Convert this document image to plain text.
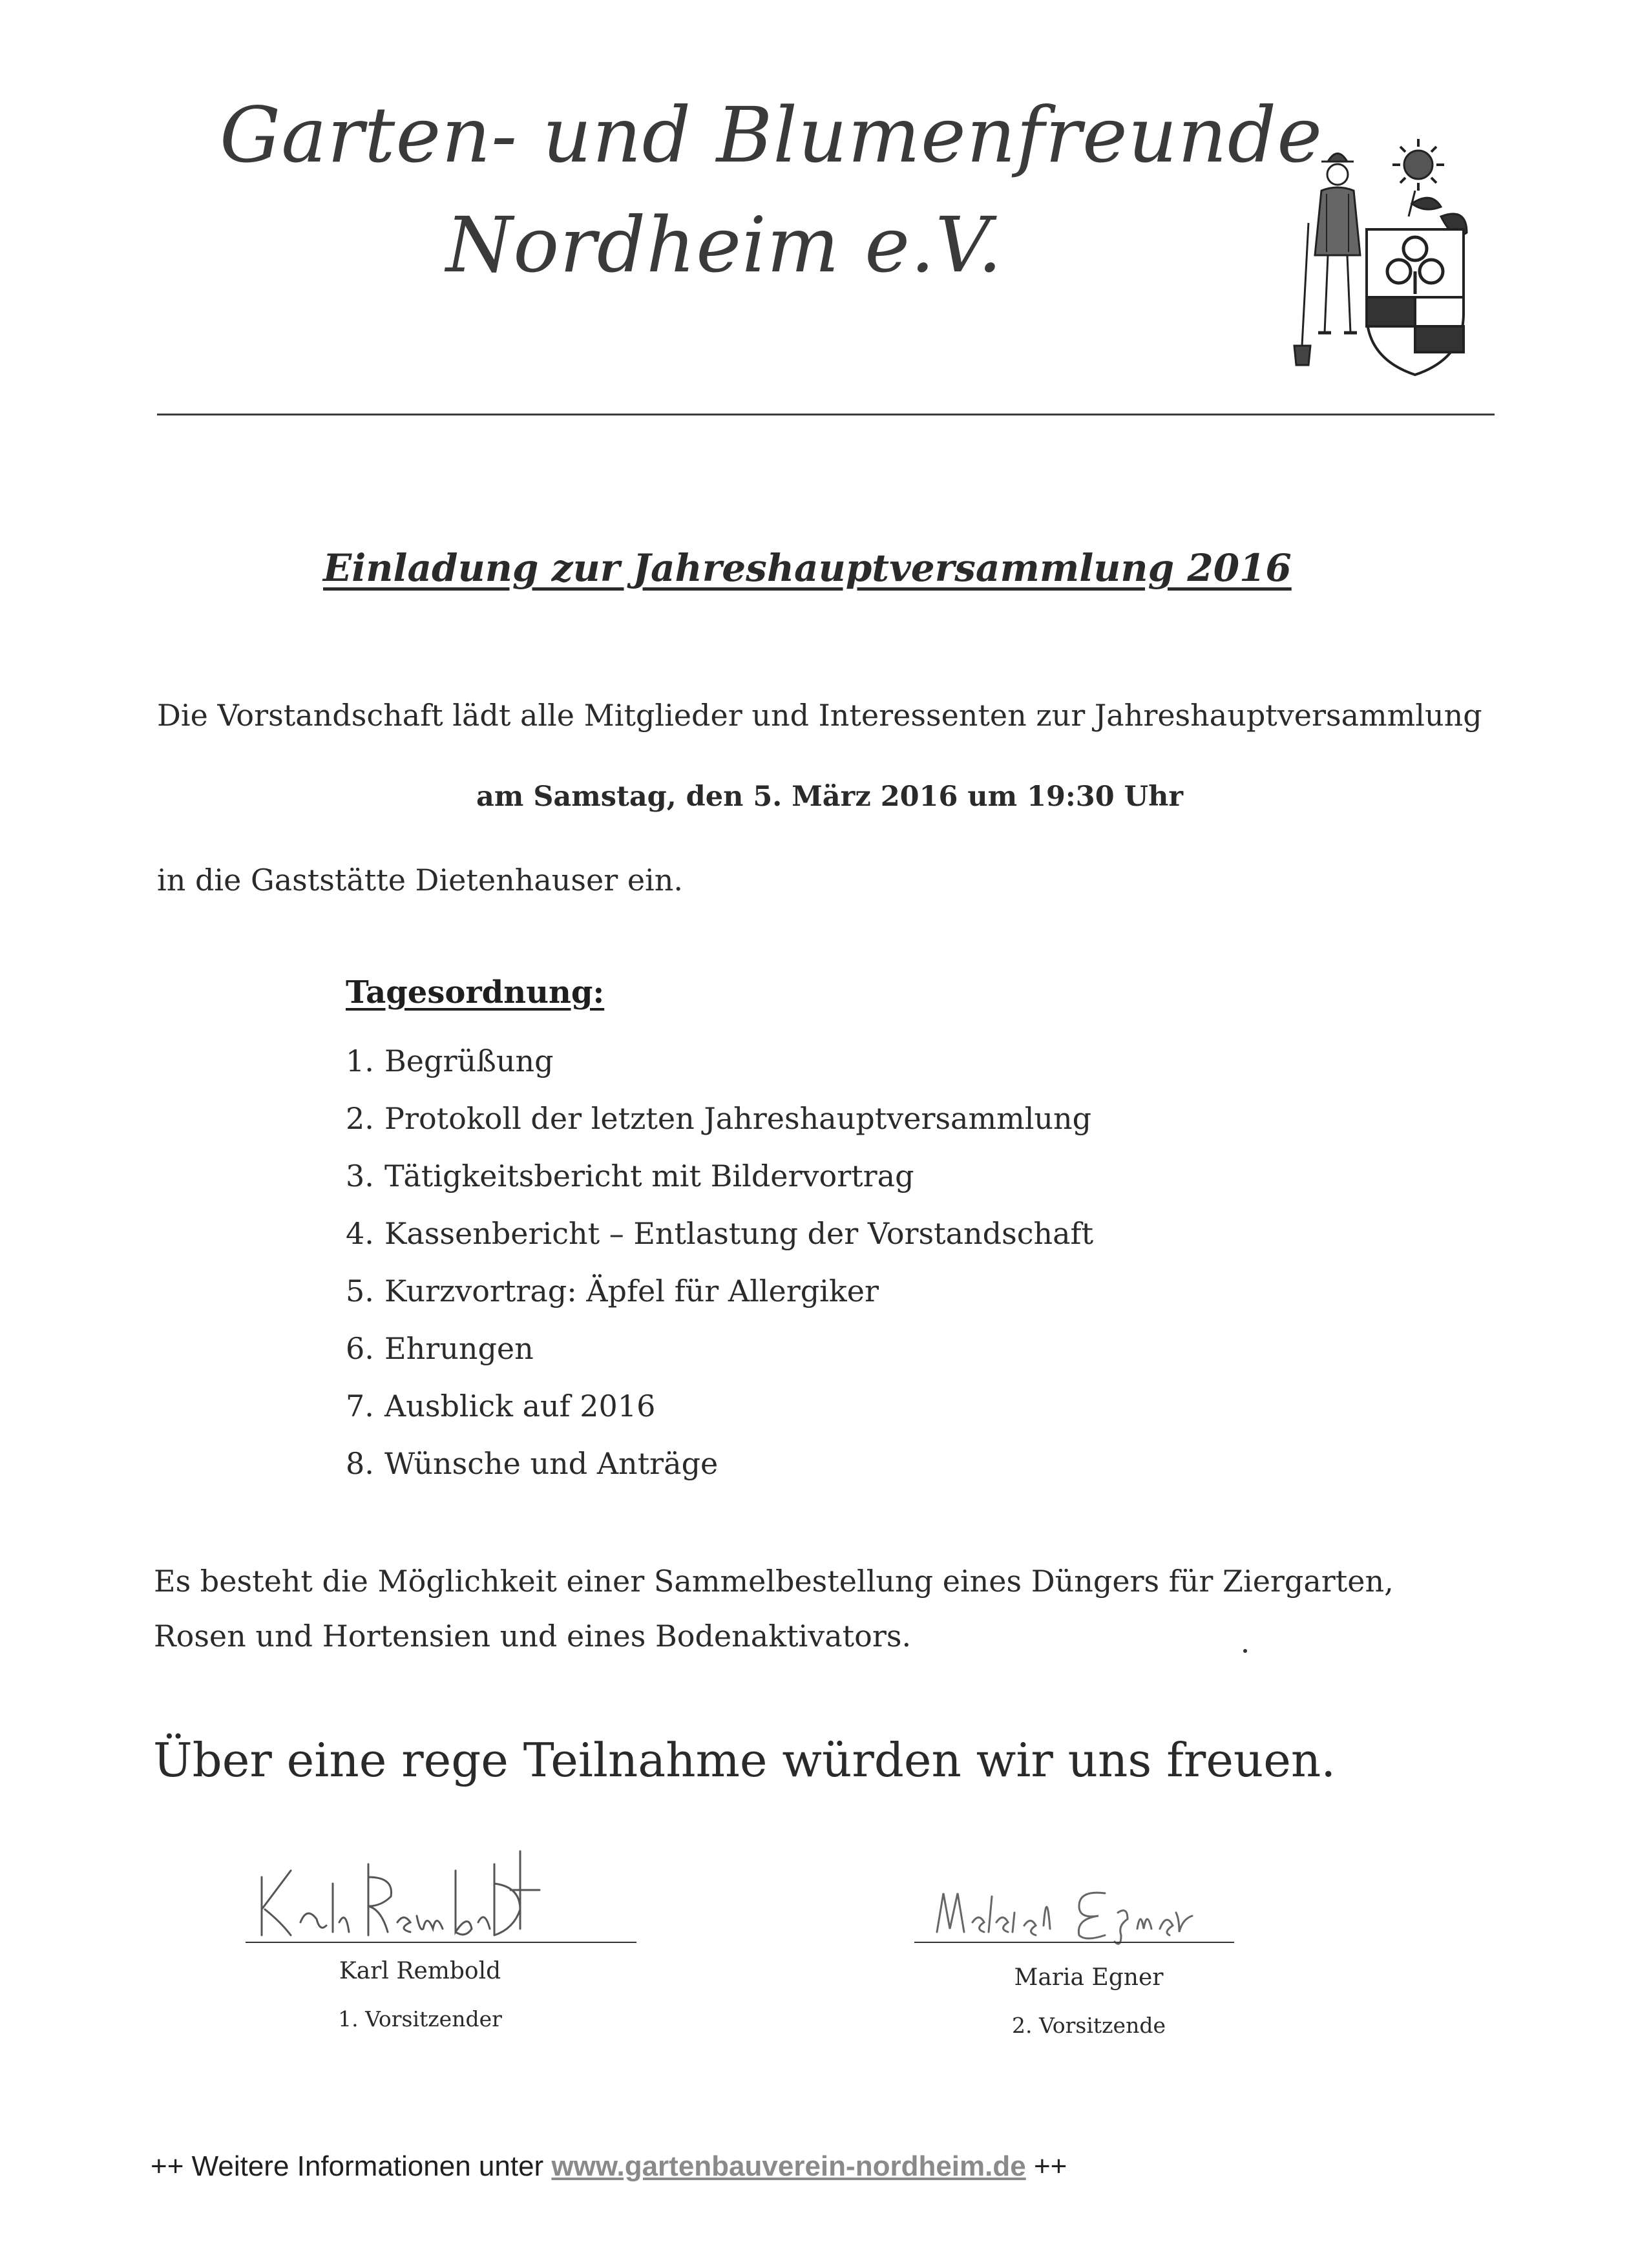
Garten- und Blumenfreunde
Nordheim e.V.
Einladung zur Jahreshauptversammlung 2016

Die Vorstandschaft lädt alle Mitglieder und Interessenten zur Jahreshauptversammlung

am Samstag, den 5. März 2016 um 19:30 Uhr

in die Gaststätte Dietenhauser ein.

Tagesordnung:
1. Begrüßung
2. Protokoll der letzten Jahreshauptversammlung
3. Tätigkeitsbericht mit Bildervortrag
4. Kassenbericht – Entlastung der Vorstandschaft
5. Kurzvortrag: Äpfel für Allergiker
6. Ehrungen
7. Ausblick auf 2016
8. Wünsche und Anträge

Es besteht die Möglichkeit einer Sammelbestellung eines Düngers für Ziergarten,

Rosen und Hortensien und eines Bodenaktivators.

Über eine rege Teilnahme würden wir uns freuen.

Karl Rembold
1. Vorsitzender
Maria Egner
2. Vorsitzende
++ Weitere Informationen unter www.gartenbauverein-nordheim.de ++
